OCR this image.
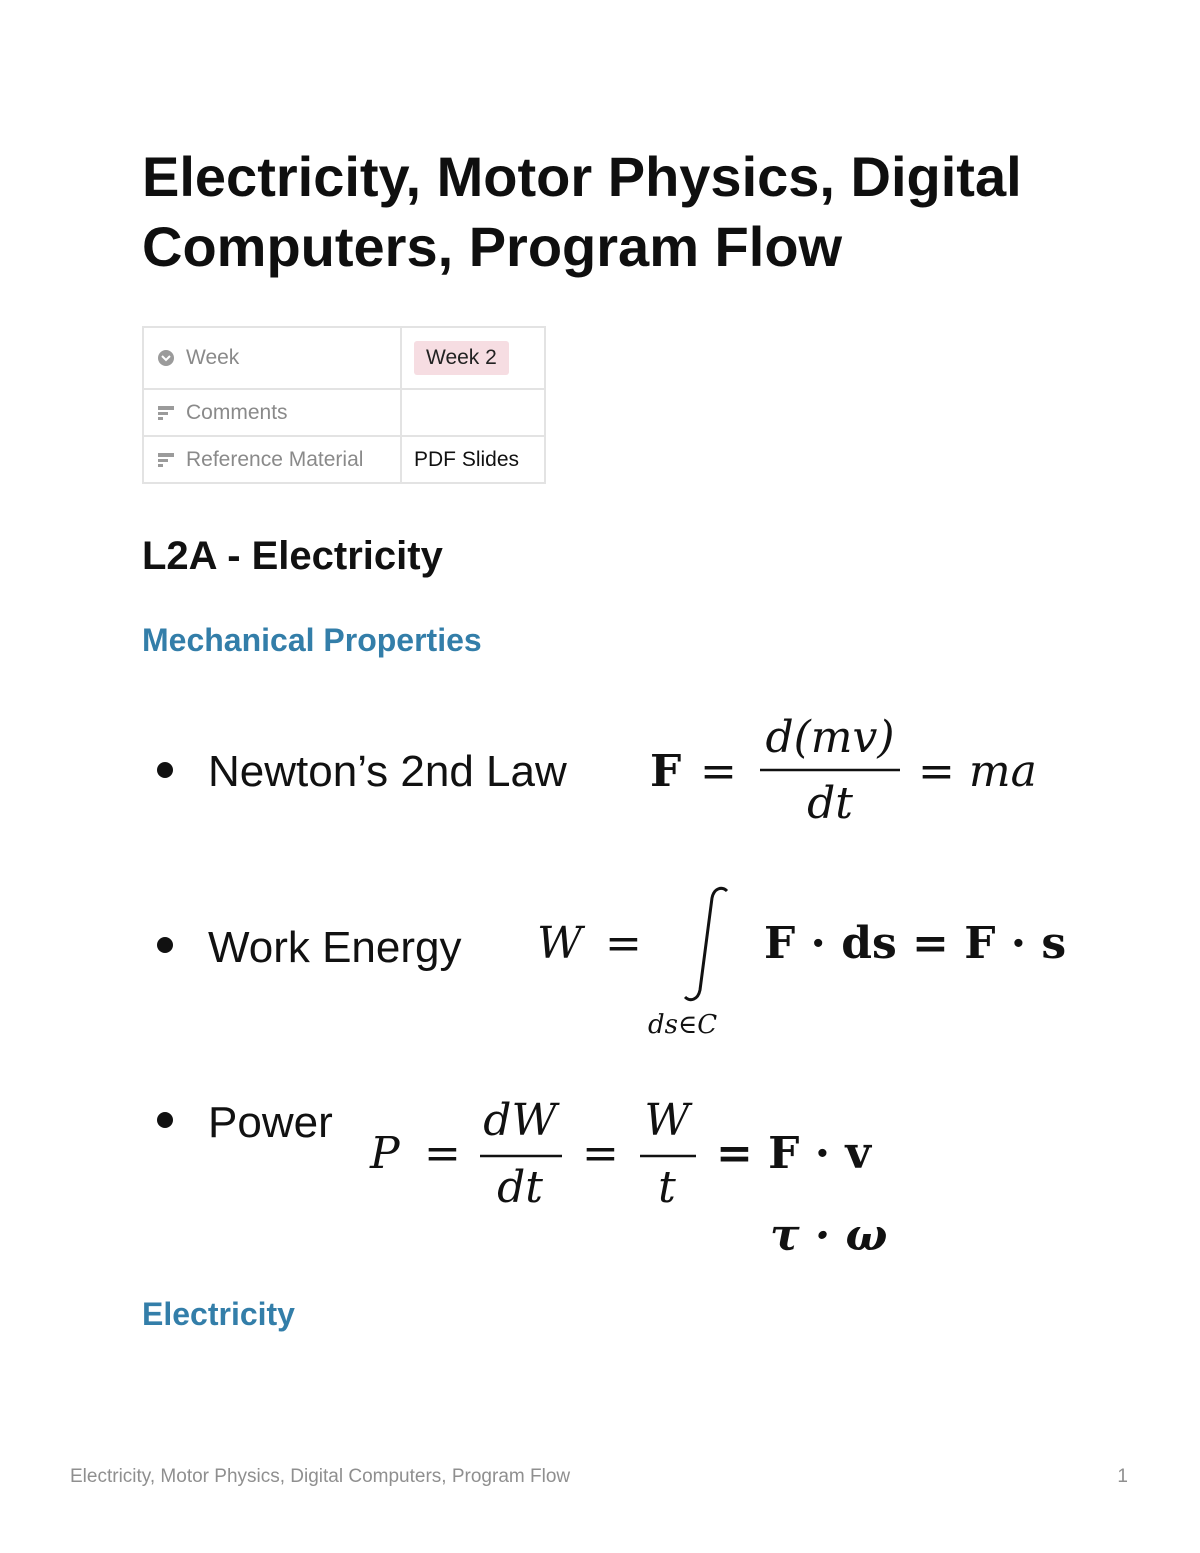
Electricity, Motor Physics, Digital Computers, Program Flow
Week	Week 2

Comments	

Reference Material	PDF Slides
L2A - Electricity
Mechanical Properties
Newton’s 2nd Law F =
d(mv)
dt
= ma
Work Energy W =	F · ds = F · s
ds∈C
Power
P =
dW
dt
=
W
t
= F · v
τ · ω
Electricity
Electricity, Motor Physics, Digital Computers, Program Flow	1
